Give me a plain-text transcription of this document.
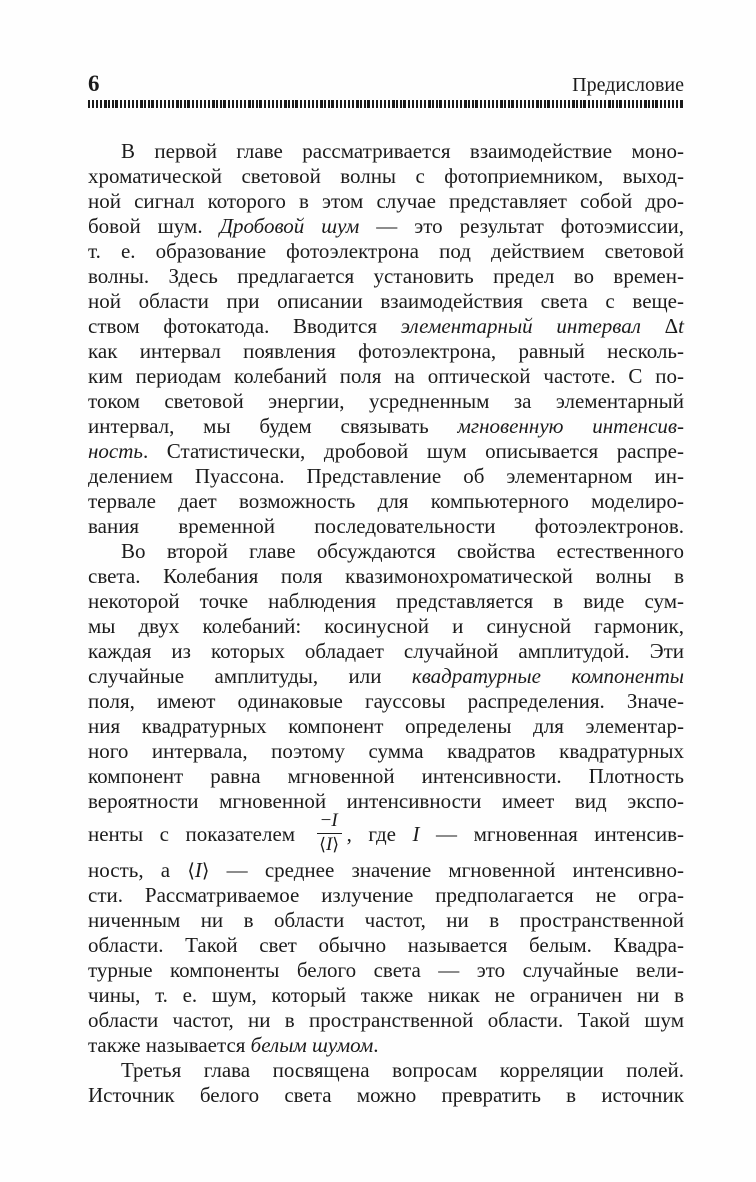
6	Предисловие
В первой главе рассматривается взаимодействие моно-
хроматической световой волны с фотоприемником, выход-
ной сигнал которого в этом случае представляет собой дро-
бовой шум. Дробовой шум — это результат фотоэмиссии,
т. е. образование фотоэлектрона под действием световой
волны. Здесь предлагается установить предел во времен-
ной области при описании взаимодействия света с веще-
ством фотокатода. Вводится элементарный интервал Δt
как интервал появления фотоэлектрона, равный несколь-
ким периодам колебаний поля на оптической частоте. С по-
током световой энергии, усредненным за элементарный
интервал, мы будем связывать мгновенную интенсив-
ность. Статистически, дробовой шум описывается распре-
делением Пуассона. Представление об элементарном ин-
тервале дает возможность для компьютерного моделиро-
вания временной последовательности фотоэлектронов.
Во второй главе обсуждаются свойства естественного
света. Колебания поля квазимонохроматической волны в
некоторой точке наблюдения представляется в виде сум-
мы двух колебаний: косинусной и синусной гармоник,
каждая из которых обладает случайной амплитудой. Эти
случайные амплитуды, или квадратурные компоненты
поля, имеют одинаковые гауссовы распределения. Значе-
ния квадратурных компонент определены для элементар-
ного интервала, поэтому сумма квадратов квадратурных
компонент равна мгновенной интенсивности. Плотность
вероятности мгновенной интенсивности имеет вид экспо-
ненты с показателем $\frac{-I}{⟨I⟩}$ , где I — мгновенная интенсив-
ность, а ⟨I⟩ — среднее значение мгновенной интенсивно-
сти. Рассматриваемое излучение предполагается не огра-
ниченным ни в области частот, ни в пространственной
области. Такой свет обычно называется белым. Квадра-
турные компоненты белого света — это случайные вели-
чины, т. е. шум, который также никак не ограничен ни в
области частот, ни в пространственной области. Такой шум
также называется белым шумом.
Третья глава посвящена вопросам корреляции полей.
Источник белого света можно превратить в источник
